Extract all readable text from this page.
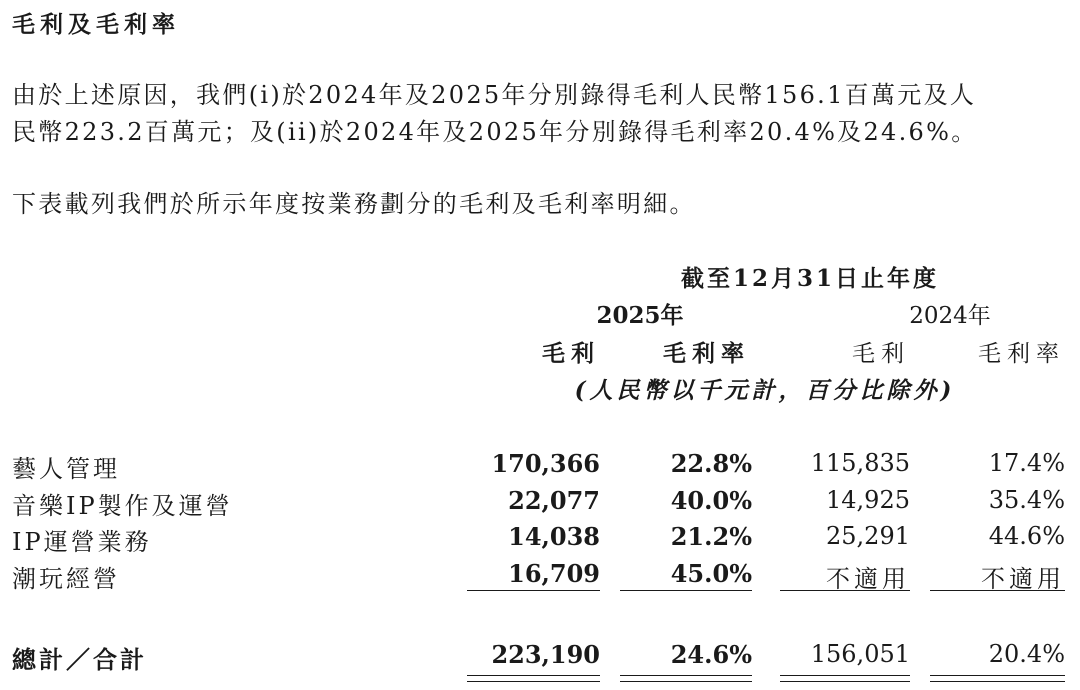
毛利及毛利率
由於上述原因，我們(i)於2024年及2025年分別錄得毛利人民幣156.1百萬元及人
民幣223.2百萬元；及(ii)於2024年及2025年分別錄得毛利率20.4%及24.6%。
下表載列我們於所示年度按業務劃分的毛利及毛利率明細。
截至12月31日止年度
2025年	2024年
毛利	毛利率	毛利	毛利率
(人民幣以千元計，百分比除外)
藝人管理	170,366	22.8%	115,835	17.4%
音樂IP製作及運營	22,077	40.0%	14,925	35.4%
IP運營業務	14,038	21.2%	25,291	44.6%
潮玩經營	16,709	45.0%	不適用	不適用
總計／合計	223,190	24.6%	156,051	20.4%
